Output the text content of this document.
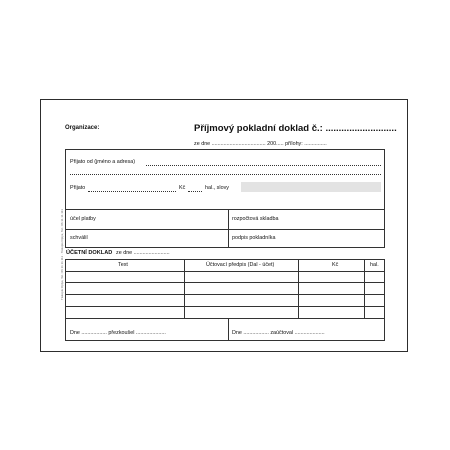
Tiskopis Optys, Tel.: 06 11 11 111 · Tiskopis Optys, Tel.: 06 11 11 111
Organizace:	Příjmový pokladní doklad č.: ...........................
ze dne .................................... 200..... přílohy: ...............
Přijato od (jméno a adresa)
Přijato	Kč	hal., slovy
účel platby	rozpočtová skladba
schválil	podpis pokladníka
ÚČETNÍ DOKLAD ze dne ........................
Text	Účtovací předpis (Dal - účet)	Kč	hal.
Dne ................. přezkoušel ....................	Dne ................. zaúčtoval ....................
